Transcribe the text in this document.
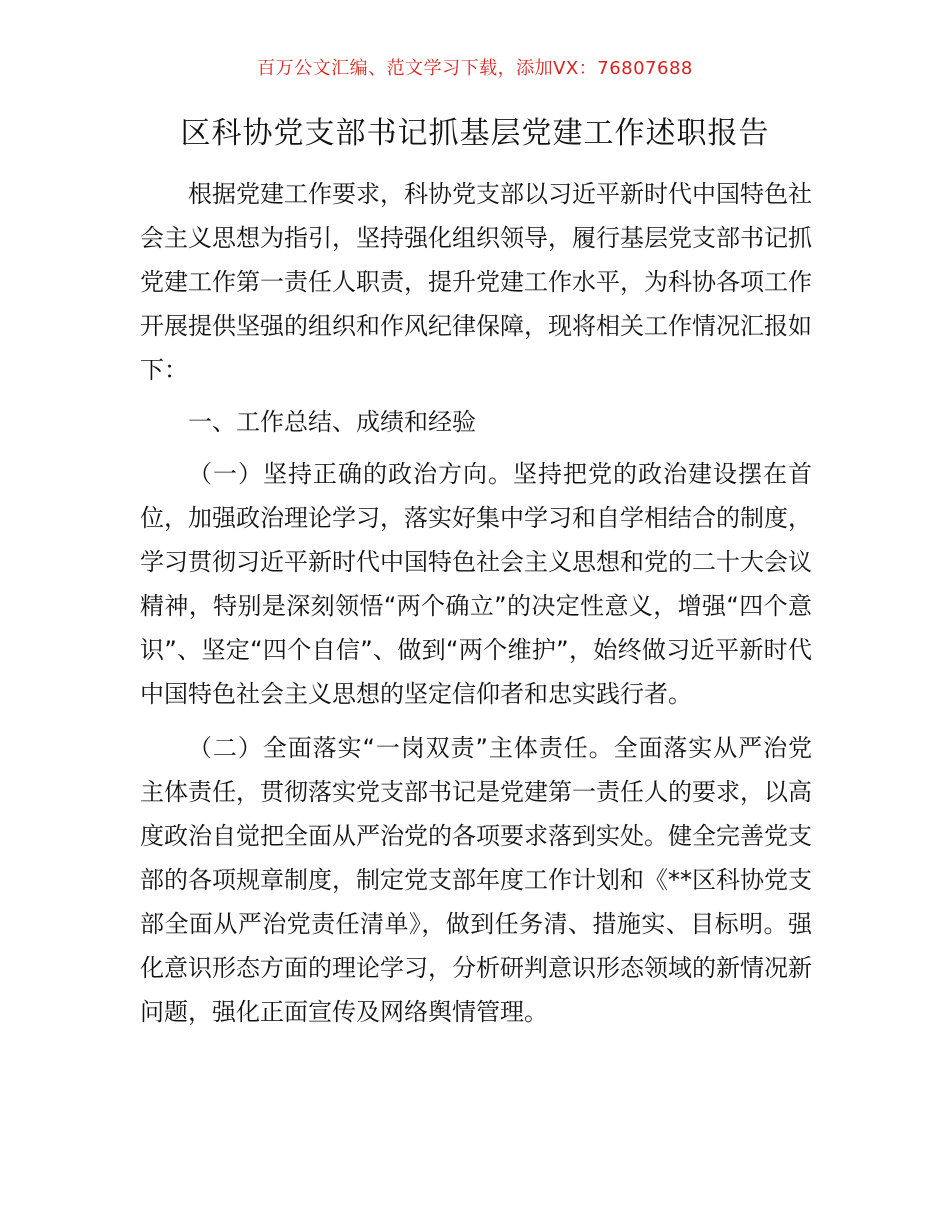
百万公文汇编、范文学习下载，添加VX：76807688
区科协党支部书记抓基层党建工作述职报告

根据党建工作要求，科协党支部以习近平新时代中国特色社会主义思想为指引，坚持强化组织领导，履行基层党支部书记抓党建工作第一责任人职责，提升党建工作水平，为科协各项工作开展提供坚强的组织和作风纪律保障，现将相关工作情况汇报如下：

一、工作总结、成绩和经验

（一）坚持正确的政治方向。坚持把党的政治建设摆在首位，加强政治理论学习，落实好集中学习和自学相结合的制度，学习贯彻习近平新时代中国特色社会主义思想和党的二十大会议精神，特别是深刻领悟“两个确立”的决定性意义，增强“四个意识”、坚定“四个自信”、做到“两个维护”，始终做习近平新时代中国特色社会主义思想的坚定信仰者和忠实践行者。

（二）全面落实“一岗双责”主体责任。全面落实从严治党主体责任，贯彻落实党支部书记是党建第一责任人的要求，以高度政治自觉把全面从严治党的各项要求落到实处。健全完善党支部的各项规章制度，制定党支部年度工作计划和《**区科协党支部全面从严治党责任清单》，做到任务清、措施实、目标明。强化意识形态方面的理论学习，分析研判意识形态领域的新情况新问题，强化正面宣传及网络舆情管理。
